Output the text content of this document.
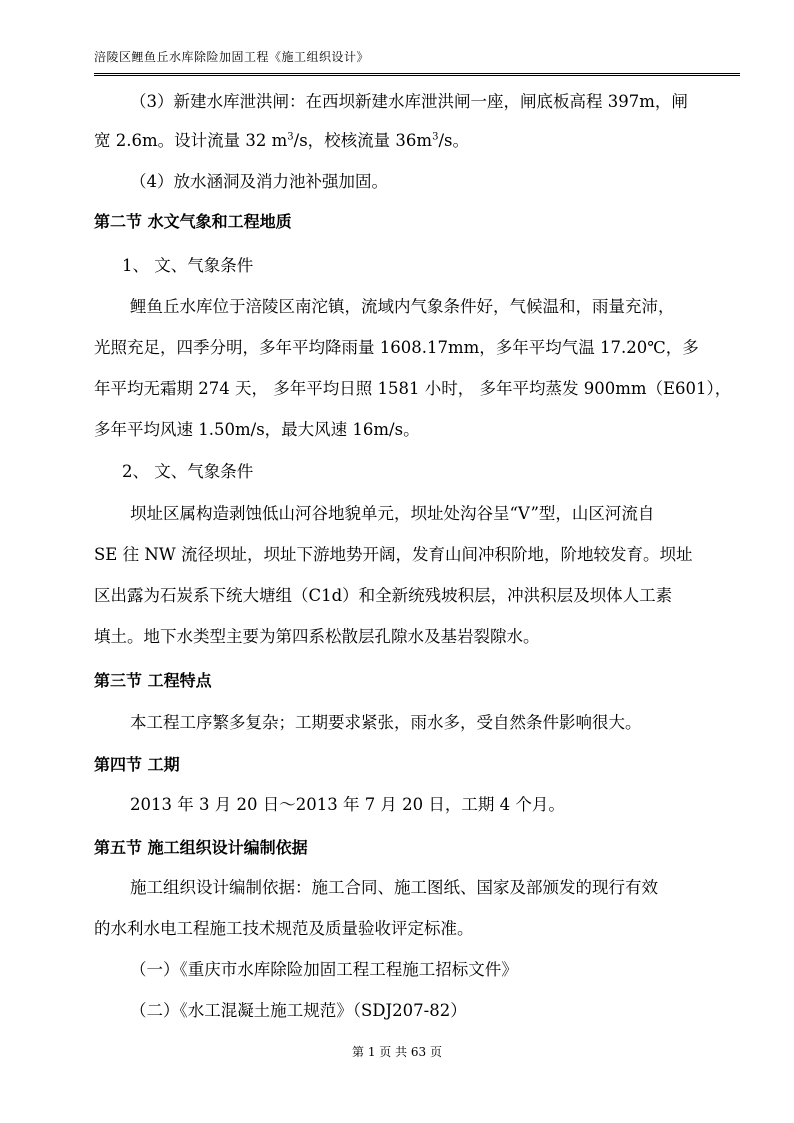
涪陵区鲤鱼丘水库除险加固工程《施工组织设计》
（3）新建水库泄洪闸：在西坝新建水库泄洪闸一座，闸底板高程 397m，闸
宽 2.6m。设计流量 32 $m^3/s$，校核流量 $36m^3/s$。
（4）放水涵洞及消力池补强加固。
第二节 水文气象和工程地质
1、 文、气象条件
鲤鱼丘水库位于涪陵区南沱镇，流域内气象条件好，气候温和，雨量充沛，
光照充足，四季分明，多年平均降雨量 1608.17mm，多年平均气温 17.20℃，多
年平均无霜期 274 天， 多年平均日照 1581 小时， 多年平均蒸发 900mm（E601），
多年平均风速 1.50m/s，最大风速 16m/s。
2、 文、气象条件
坝址区属构造剥蚀低山河谷地貌单元，坝址处沟谷呈“V”型，山区河流自
SE 往 NW 流径坝址，坝址下游地势开阔，发育山间冲积阶地，阶地较发育。坝址
区出露为石炭系下统大塘组（C1d）和全新统残坡积层，冲洪积层及坝体人工素
填土。地下水类型主要为第四系松散层孔隙水及基岩裂隙水。
第三节 工程特点
本工程工序繁多复杂；工期要求紧张，雨水多，受自然条件影响很大。
第四节 工期
2013 年 3 月 20 日～2013 年 7 月 20 日，工期 4 个月。
第五节 施工组织设计编制依据
施工组织设计编制依据：施工合同、施工图纸、国家及部颁发的现行有效
的水利水电工程施工技术规范及质量验收评定标准。
（一）《重庆市水库除险加固工程工程施工招标文件》
（二）《水工混凝土施工规范》（SDJ207-82）
第 1 页 共 63 页
